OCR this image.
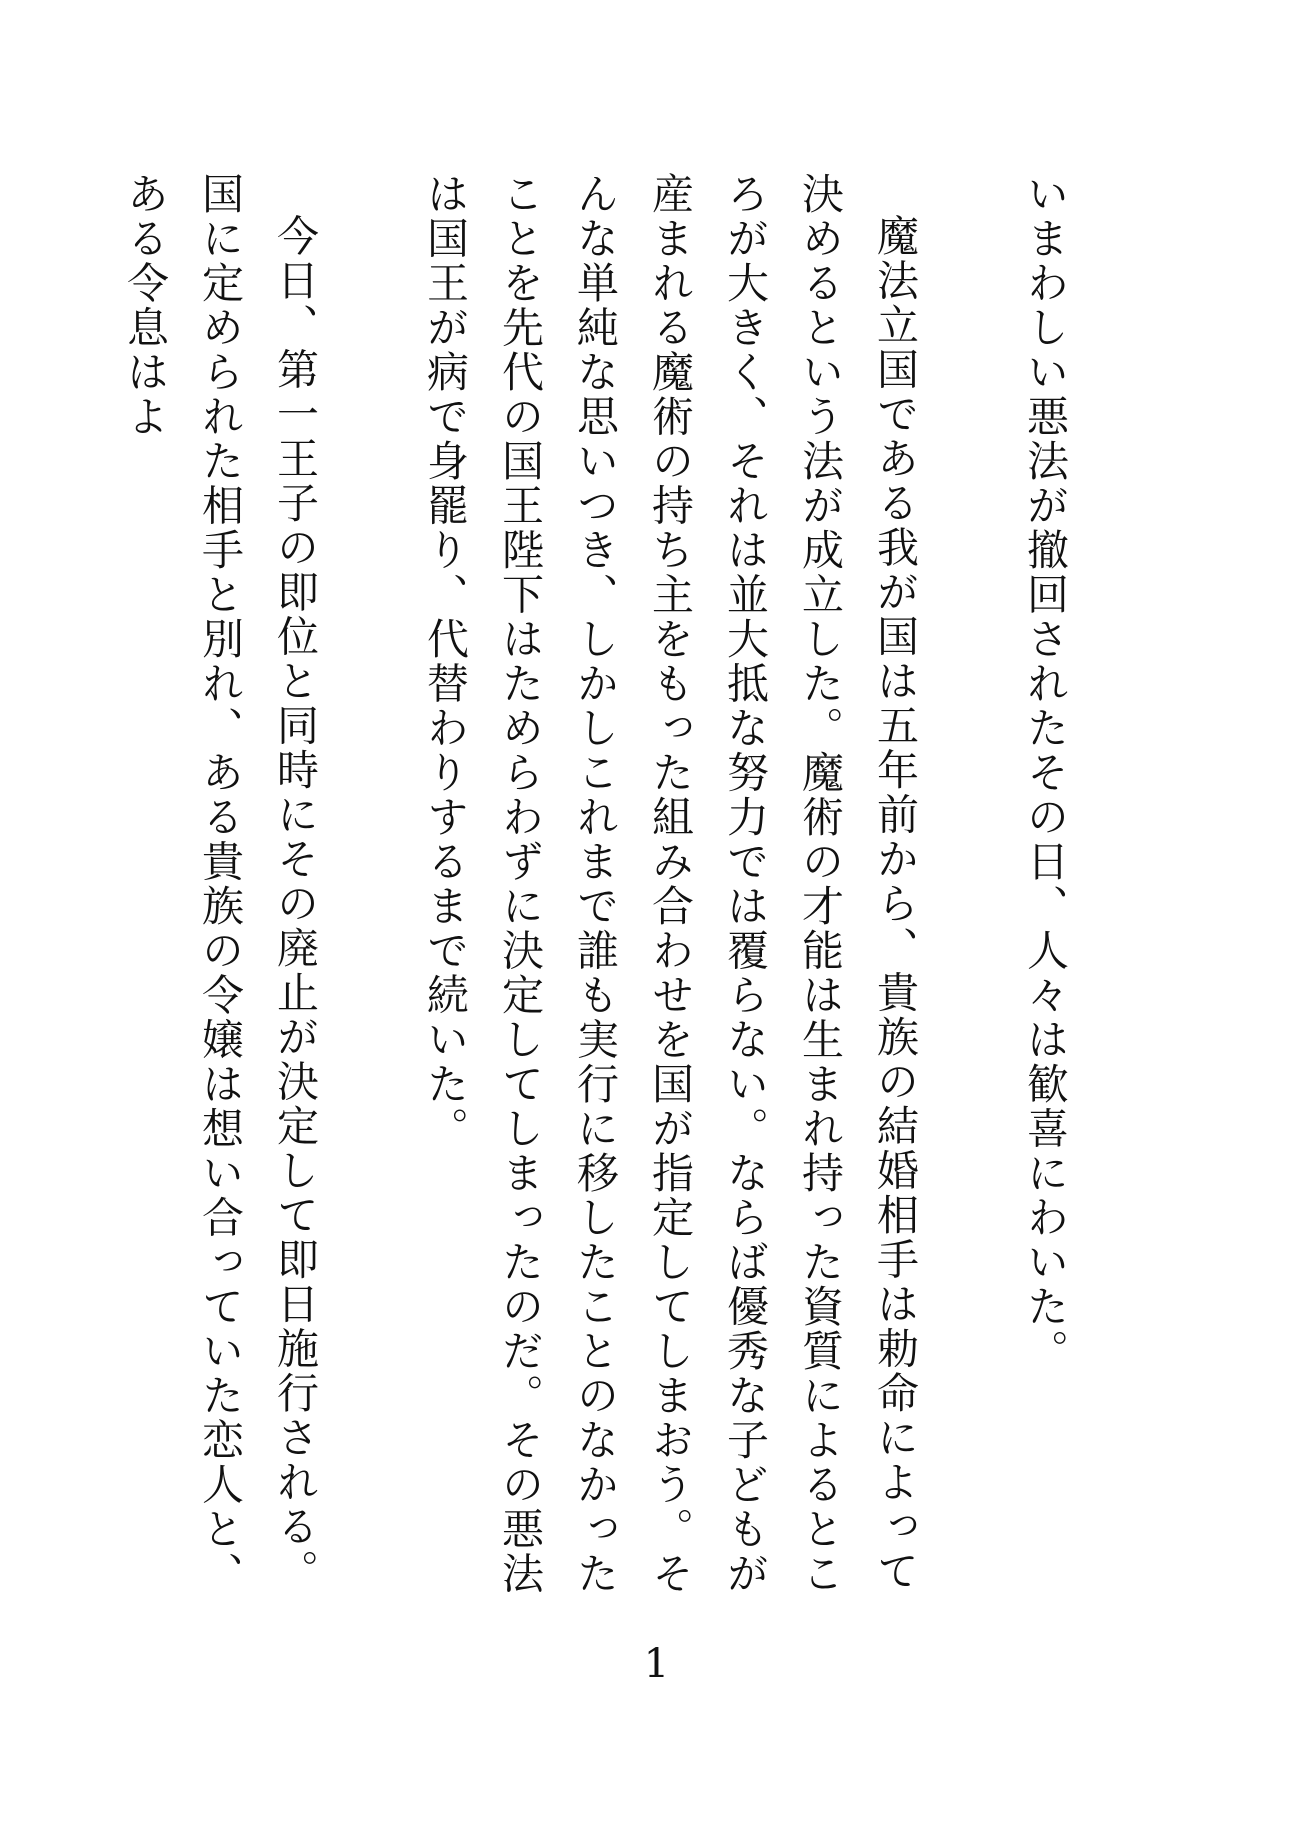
いまわしい悪法が撤回されたその日、人々は歓喜にわいた。

魔法立国である我が国は五年前から、貴族の結婚相手は勅命によって決めるという法が成立した。魔術の才能は生まれ持った資質によるところが大きく、それは並大抵な努力では覆らない。ならば優秀な子どもが産まれる魔術の持ち主をもった組み合わせを国が指定してしまおう。そんな単純な思いつき、しかしこれまで誰も実行に移したことのなかったことを先代の国王陛下はためらわずに決定してしまったのだ。その悪法は国王が病で身罷り、代替わりするまで続いた。

今日、第一王子の即位と同時にその廃止が決定して即日施行される。国に定められた相手と別れ、ある貴族の令嬢は想い合っていた恋人と、ある令息はよ

1
